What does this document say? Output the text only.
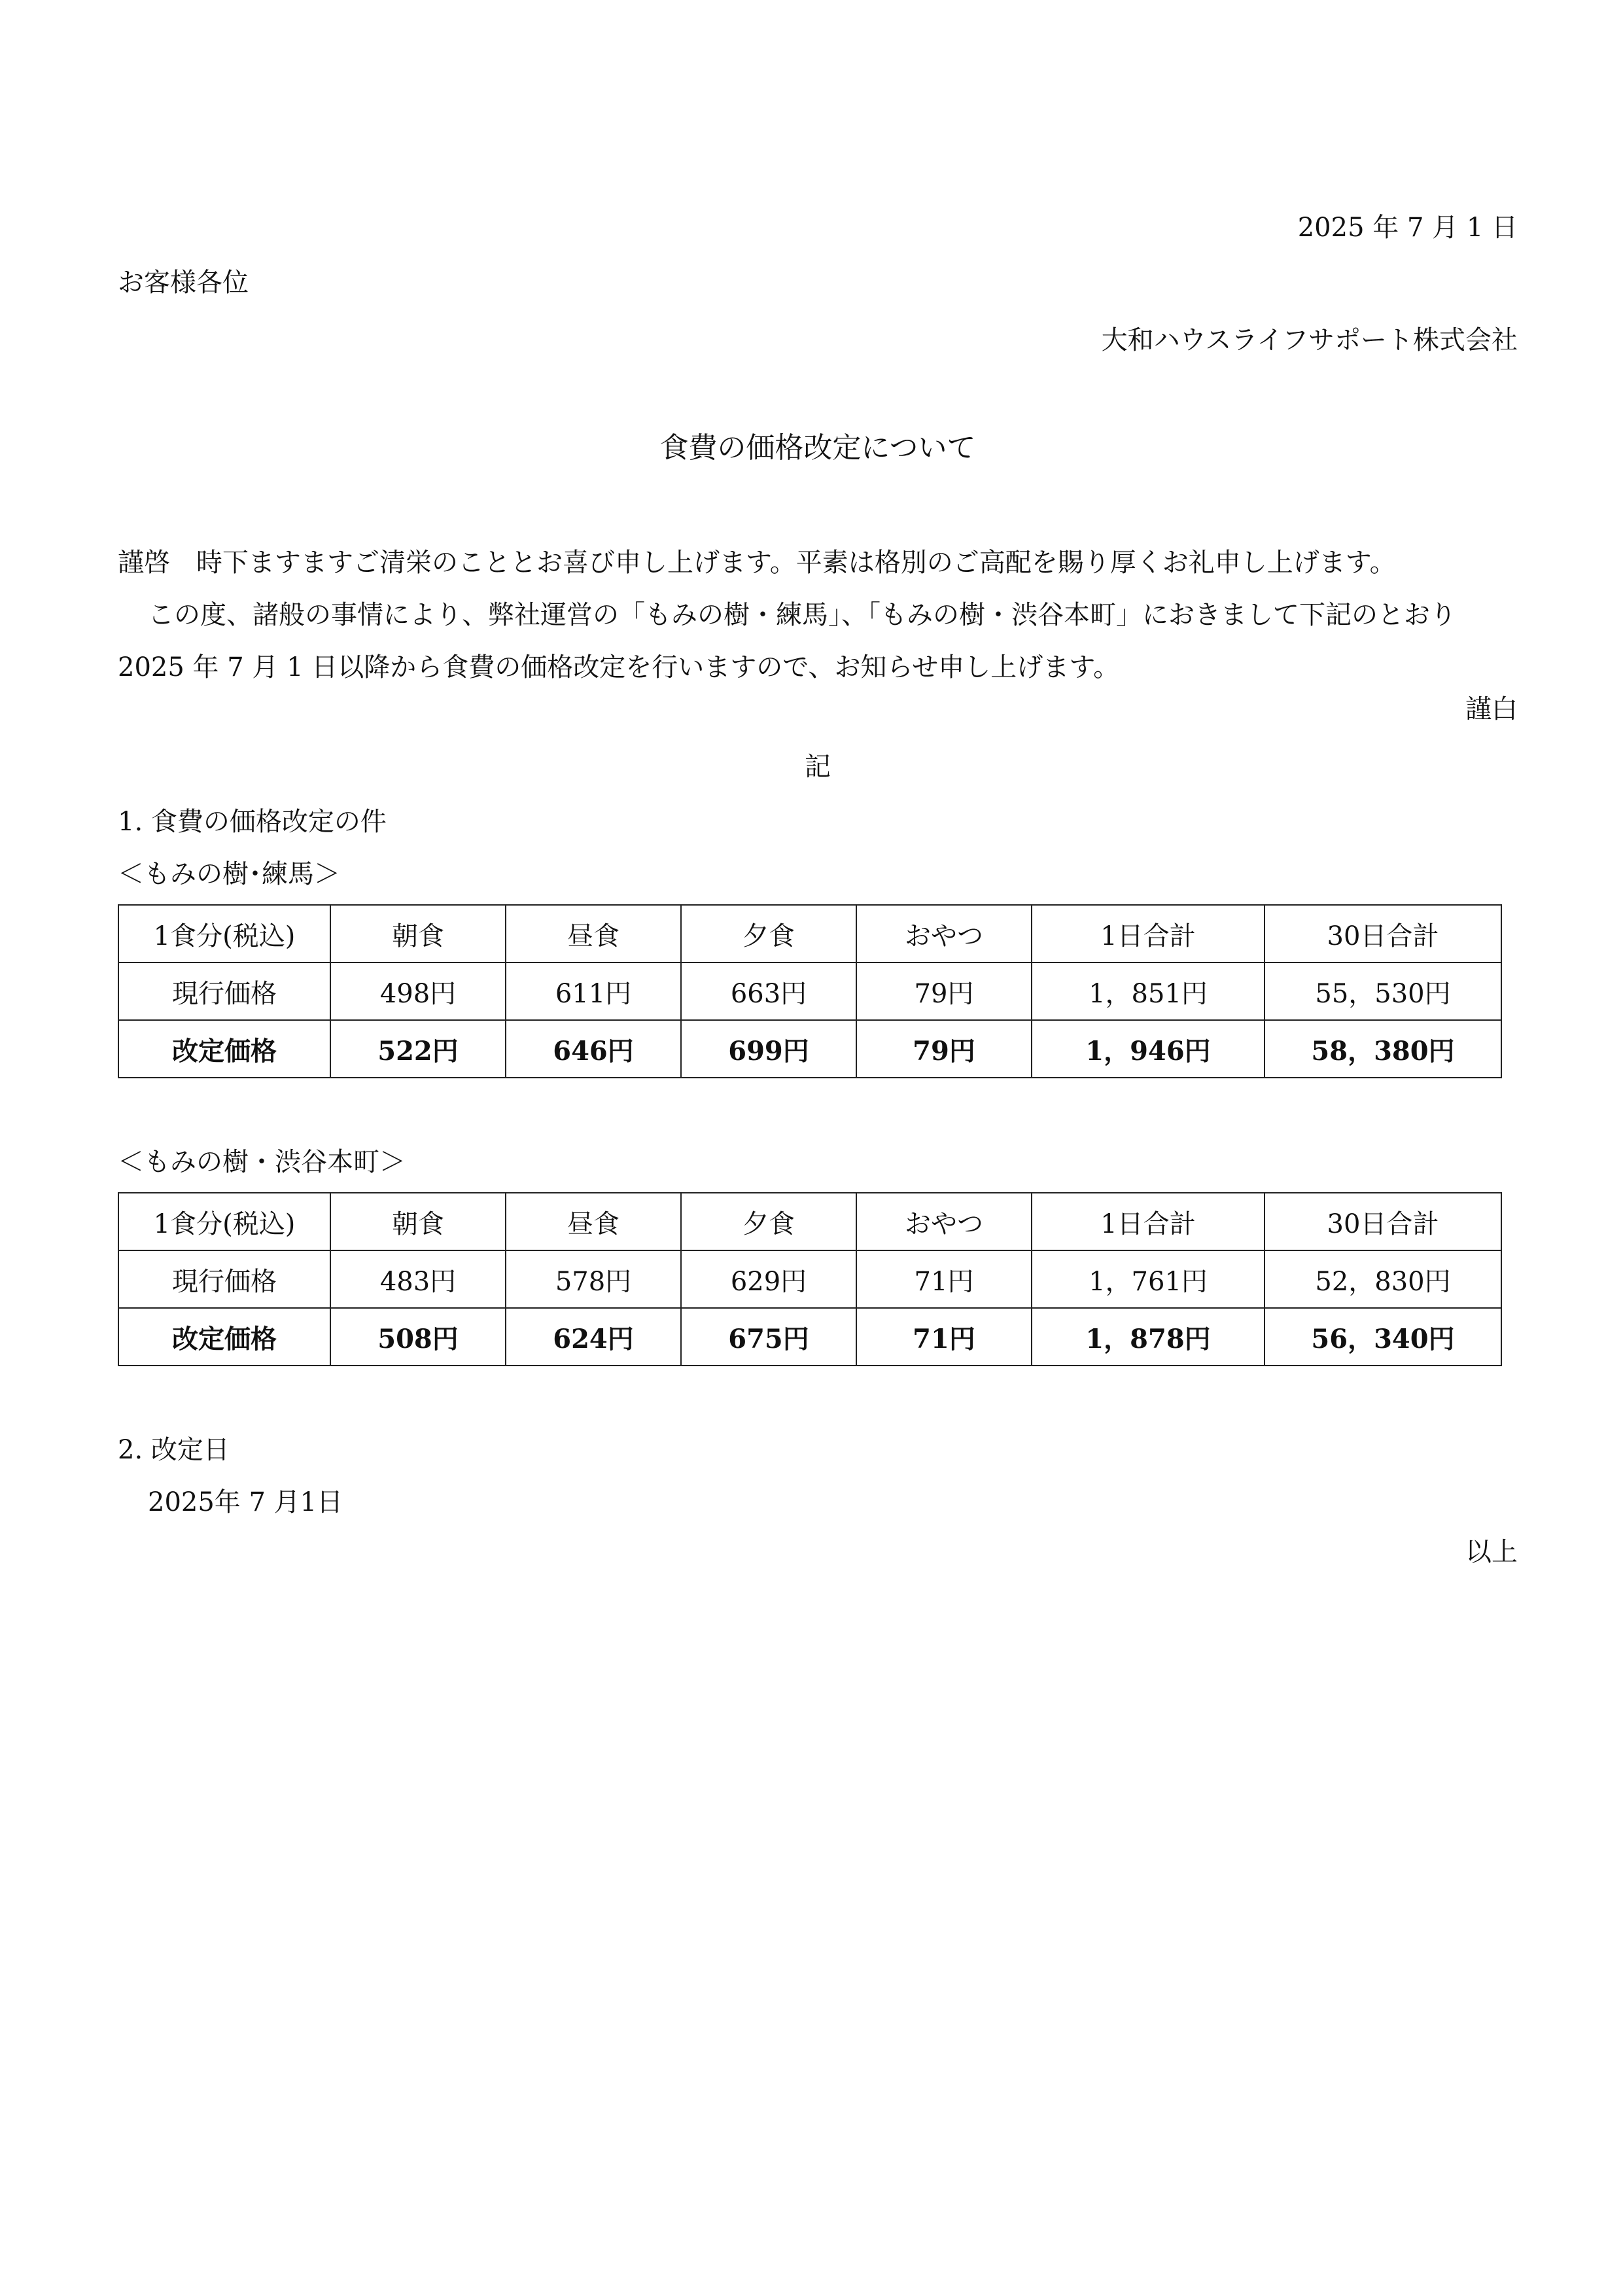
2025 年 7 月 1 日
お客様各位
大和ハウスライフサポート株式会社
食費の価格改定について

謹啓　時下ますますご清栄のこととお喜び申し上げます。平素は格別のご高配を賜り厚くお礼申し上げます。

この度、諸般の事情により、弊社運営の「もみの樹・練馬」、「もみの樹・渋谷本町」におきまして下記のとおり

2025 年 7 月 1 日以降から食費の価格改定を行いますので、お知らせ申し上げます。

謹白
記
1. 食費の価格改定の件
＜もみの樹･練馬＞
1食分(税込)	朝食	昼食	夕食	おやつ	1日合計	30日合計
現行価格	498円	611円	663円	79円	1，851円	55，530円
改定価格	522円	646円	699円	79円	1，946円	58，380円
＜もみの樹・渋谷本町＞
1食分(税込)	朝食	昼食	夕食	おやつ	1日合計	30日合計
現行価格	483円	578円	629円	71円	1，761円	52，830円
改定価格	508円	624円	675円	71円	1，878円	56，340円
2. 改定日
2025年 7 月1日
以上
